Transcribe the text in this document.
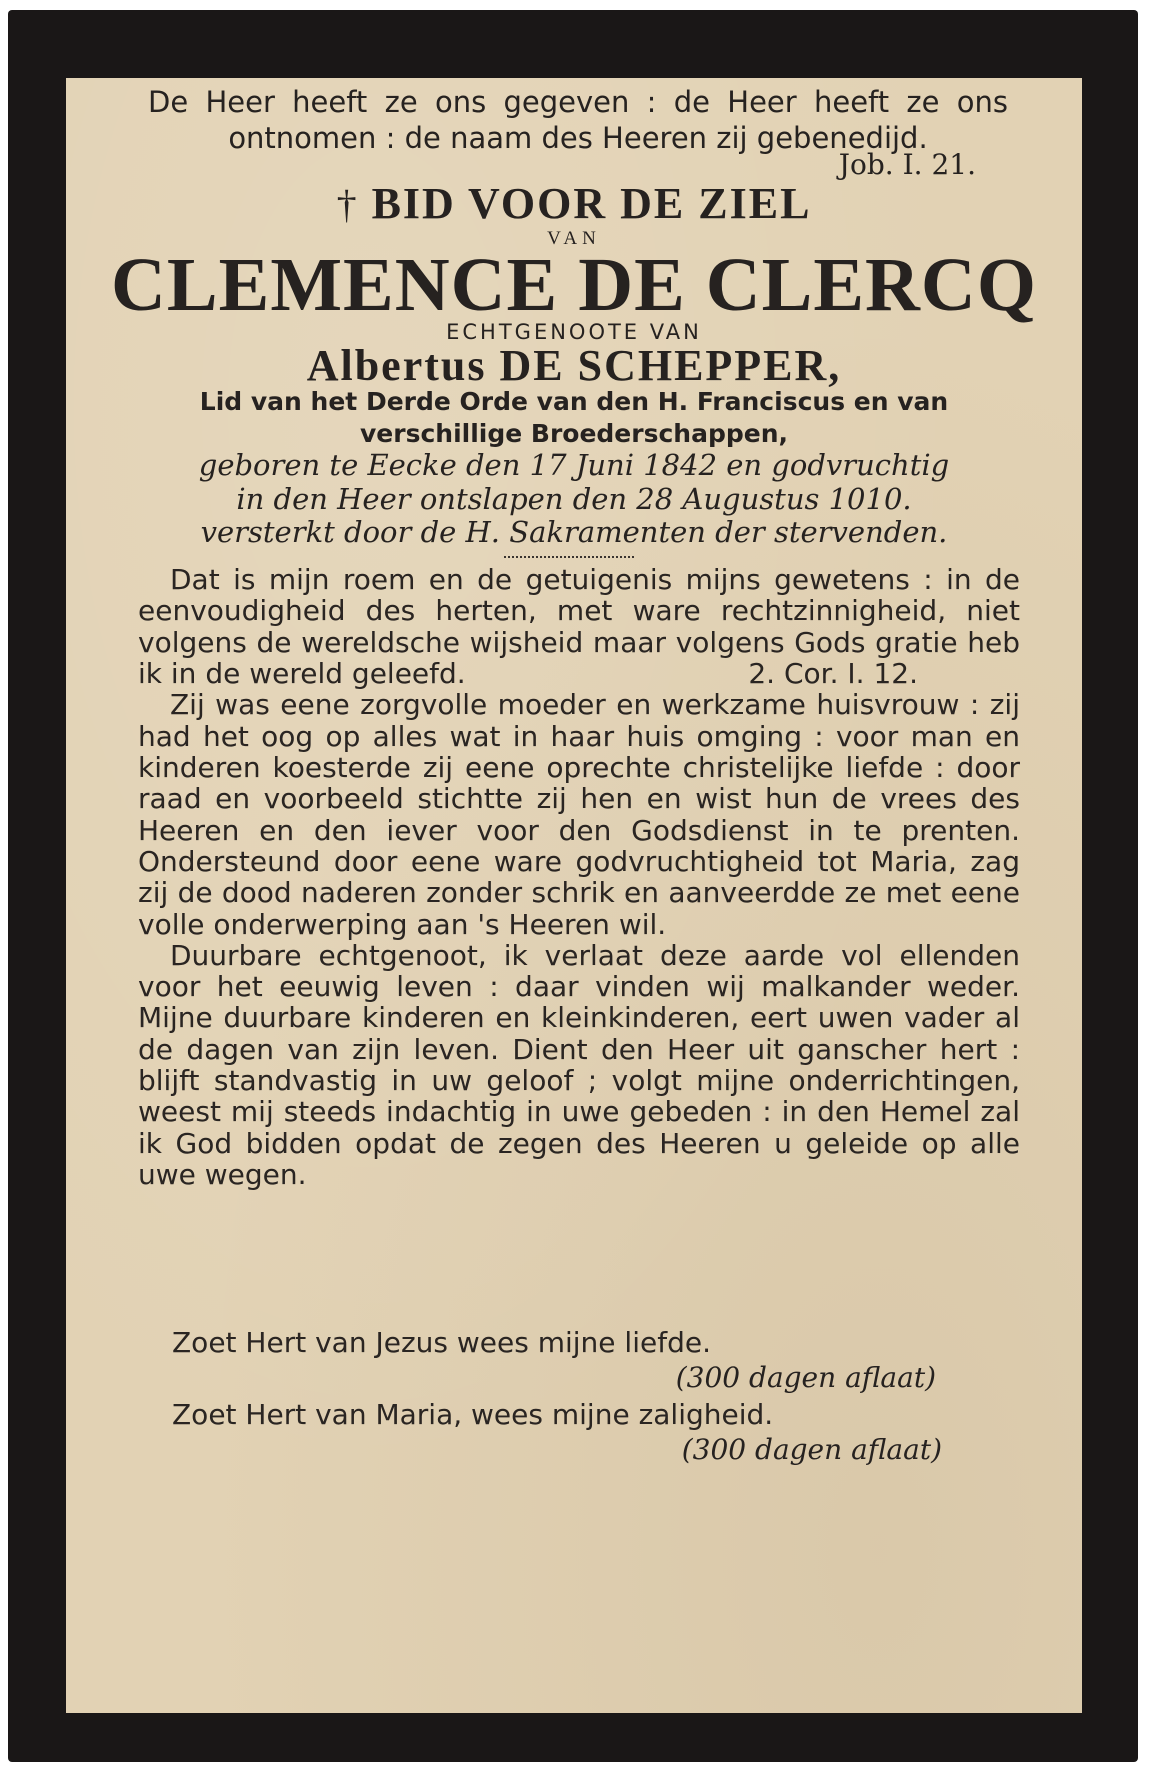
De Heer heeft ze ons gegeven : de Heer heeft ze ons ontnomen : de naam des Heeren zij gebenedijd.
Job. I. 21.
† BID VOOR DE ZIEL
VAN
CLEMENCE DE CLERCQ
ECHTGENOOTE VAN
Albertus DE SCHEPPER,
Lid van het Derde Orde van den H. Franciscus en van
verschillige Broederschappen,
geboren te Eecke den 17 Juni 1842 en godvruchtig
in den Heer ontslapen den 28 Augustus 1010.
versterkt door de H. Sakramenten der stervenden.

Dat is mijn roem en de getuigenis mijns gewetens : in de eenvoudigheid des herten, met ware rechtzinnigheid, niet volgens de wereldsche wijsheid maar volgens Gods gratie heb ik in de wereld geleefd.	2. Cor. I. 12.

Zij was eene zorgvolle moeder en werkzame huisvrouw : zij had het oog op alles wat in haar huis omging : voor man en kinderen koesterde zij eene oprechte christelijke liefde : door raad en voorbeeld stichtte zij hen en wist hun de vrees des Heeren en den iever voor den Godsdienst in te prenten. Ondersteund door eene ware godvruchtigheid tot Maria, zag zij de dood naderen zonder schrik en aanveerdde ze met eene volle onderwerping aan 's Heeren wil.

Duurbare echtgenoot, ik verlaat deze aarde vol ellenden voor het eeuwig leven : daar vinden wij malkander weder. Mijne duurbare kinderen en kleinkinderen, eert uwen vader al de dagen van zijn leven. Dient den Heer uit ganscher hert : blijft standvastig in uw geloof ; volgt mijne onderrichtingen, weest mij steeds indachtig in uwe gebeden : in den Hemel zal ik God bidden opdat de zegen des Heeren u geleide op alle uwe wegen.

Zoet Hert van Jezus wees mijne liefde.
(300 dagen aflaat)
Zoet Hert van Maria, wees mijne zaligheid.
(300 dagen aflaat)
